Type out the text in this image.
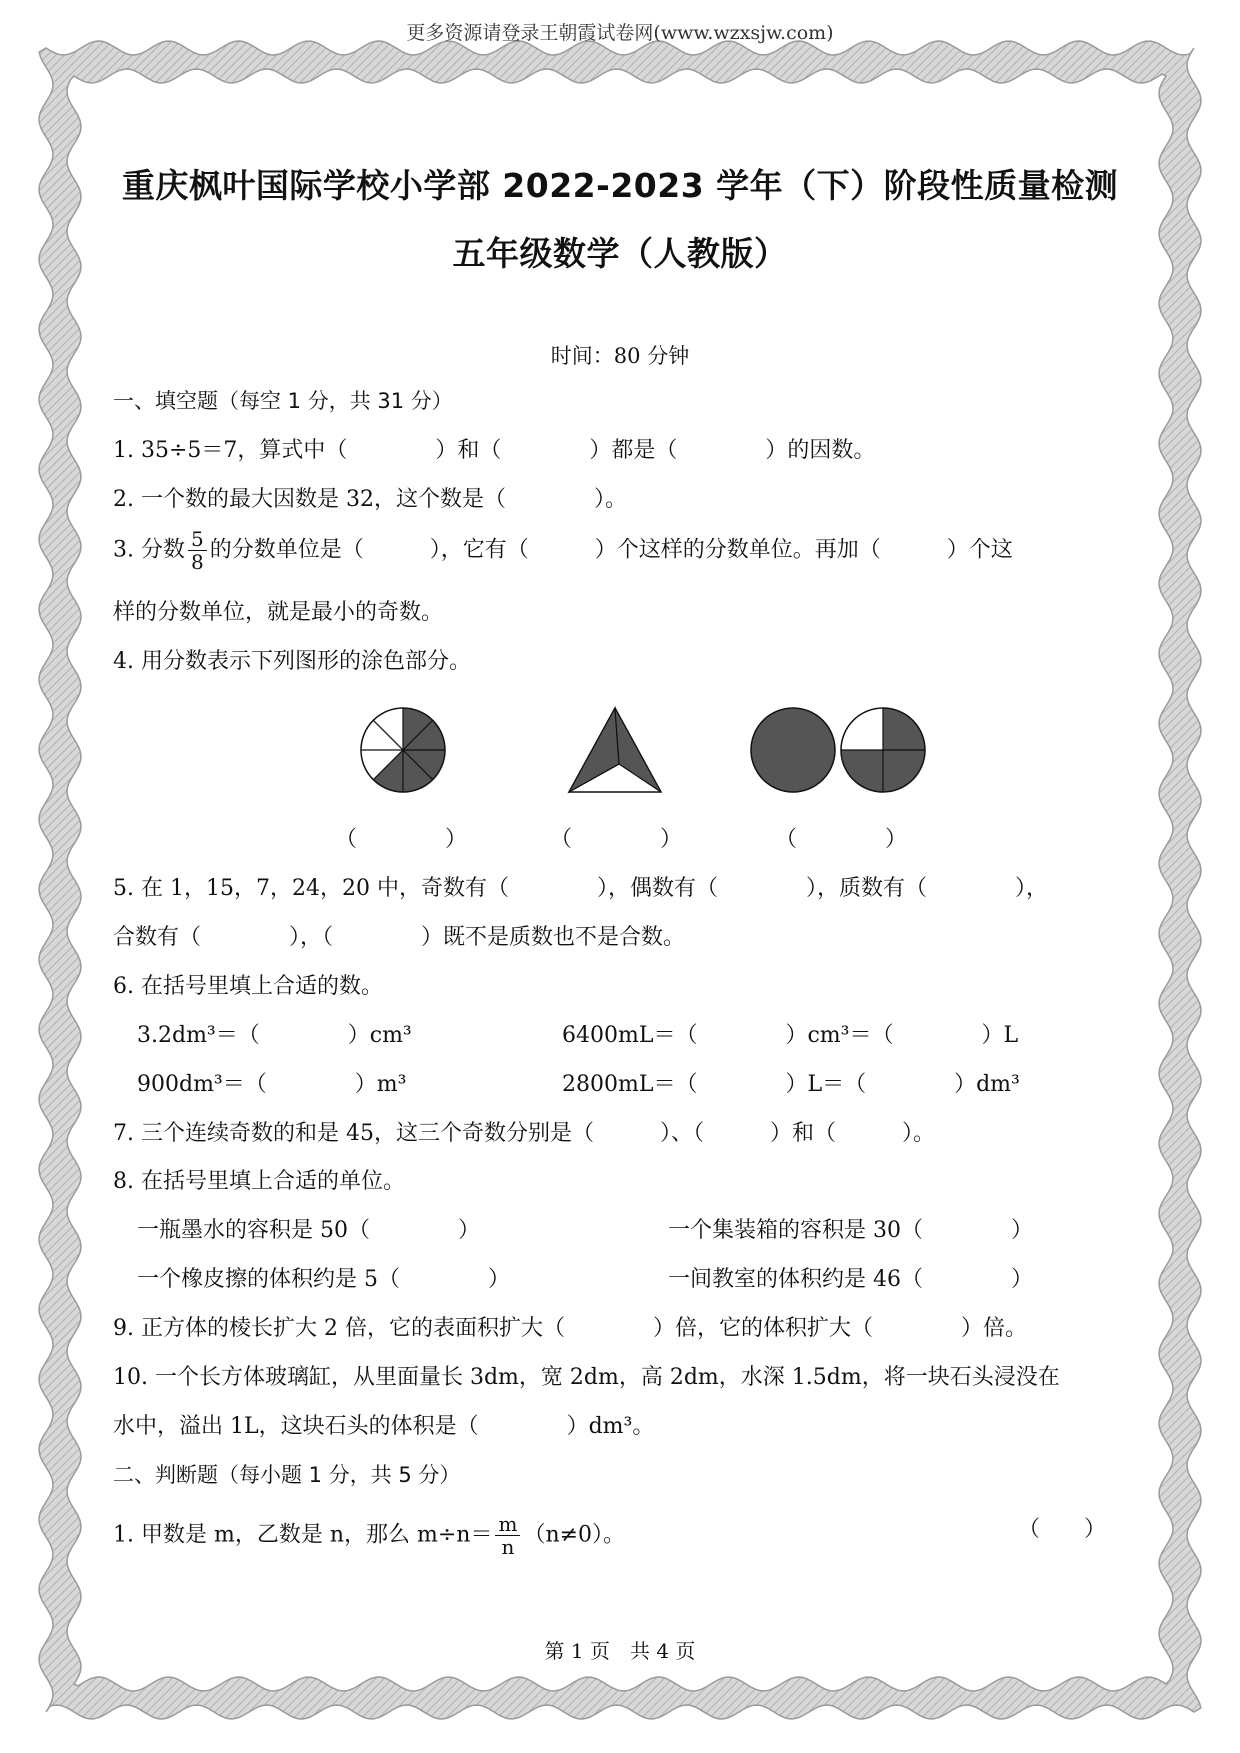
更多资源请登录王朝霞试卷网(www.wzxsjw.com)
重庆枫叶国际学校小学部 2022-2023 学年（下）阶段性质量检测
五年级数学（人教版）
时间：80 分钟
一、填空题（每空 1 分，共 31 分）
1. 35÷5＝7，算式中（　　　　）和（　　　　）都是（　　　　）的因数。
2. 一个数的最大因数是 32，这个数是（　　　　）。
3. 分数 $\frac{5}{8}$ 的分数单位是（　　　），它有（　　　）个这样的分数单位。再加（　　　）个这
样的分数单位，就是最小的奇数。
4. 用分数表示下列图形的涂色部分。
（　　　　）	（　　　　）	（　　　　）
5. 在 1，15，7，24，20 中，奇数有（　　　　），偶数有（　　　　），质数有（　　　　），
合数有（　　　　），（　　　　）既不是质数也不是合数。
6. 在括号里填上合适的数。
3.2dm³＝（　　　　）cm³	6400mL＝（　　　　）cm³＝（　　　　）L
900dm³＝（　　　　）m³	2800mL＝（　　　　）L＝（　　　　）dm³
7. 三个连续奇数的和是 45，这三个奇数分别是（　　　）、（　　　）和（　　　）。
8. 在括号里填上合适的单位。
一瓶墨水的容积是 50（　　　　）	一个集装箱的容积是 30（　　　　）
一个橡皮擦的体积约是 5（　　　　）	一间教室的体积约是 46（　　　　）
9. 正方体的棱长扩大 2 倍，它的表面积扩大（　　　　）倍，它的体积扩大（　　　　）倍。
10. 一个长方体玻璃缸，从里面量长 3dm，宽 2dm，高 2dm，水深 1.5dm，将一块石头浸没在
水中，溢出 1L，这块石头的体积是（　　　　）dm³。
二、判断题（每小题 1 分，共 5 分）
1. 甲数是 m，乙数是 n，那么 $m\div n= \frac{m}{n} (n\ne 0)$。	（　　）
第 1 页　共 4 页
